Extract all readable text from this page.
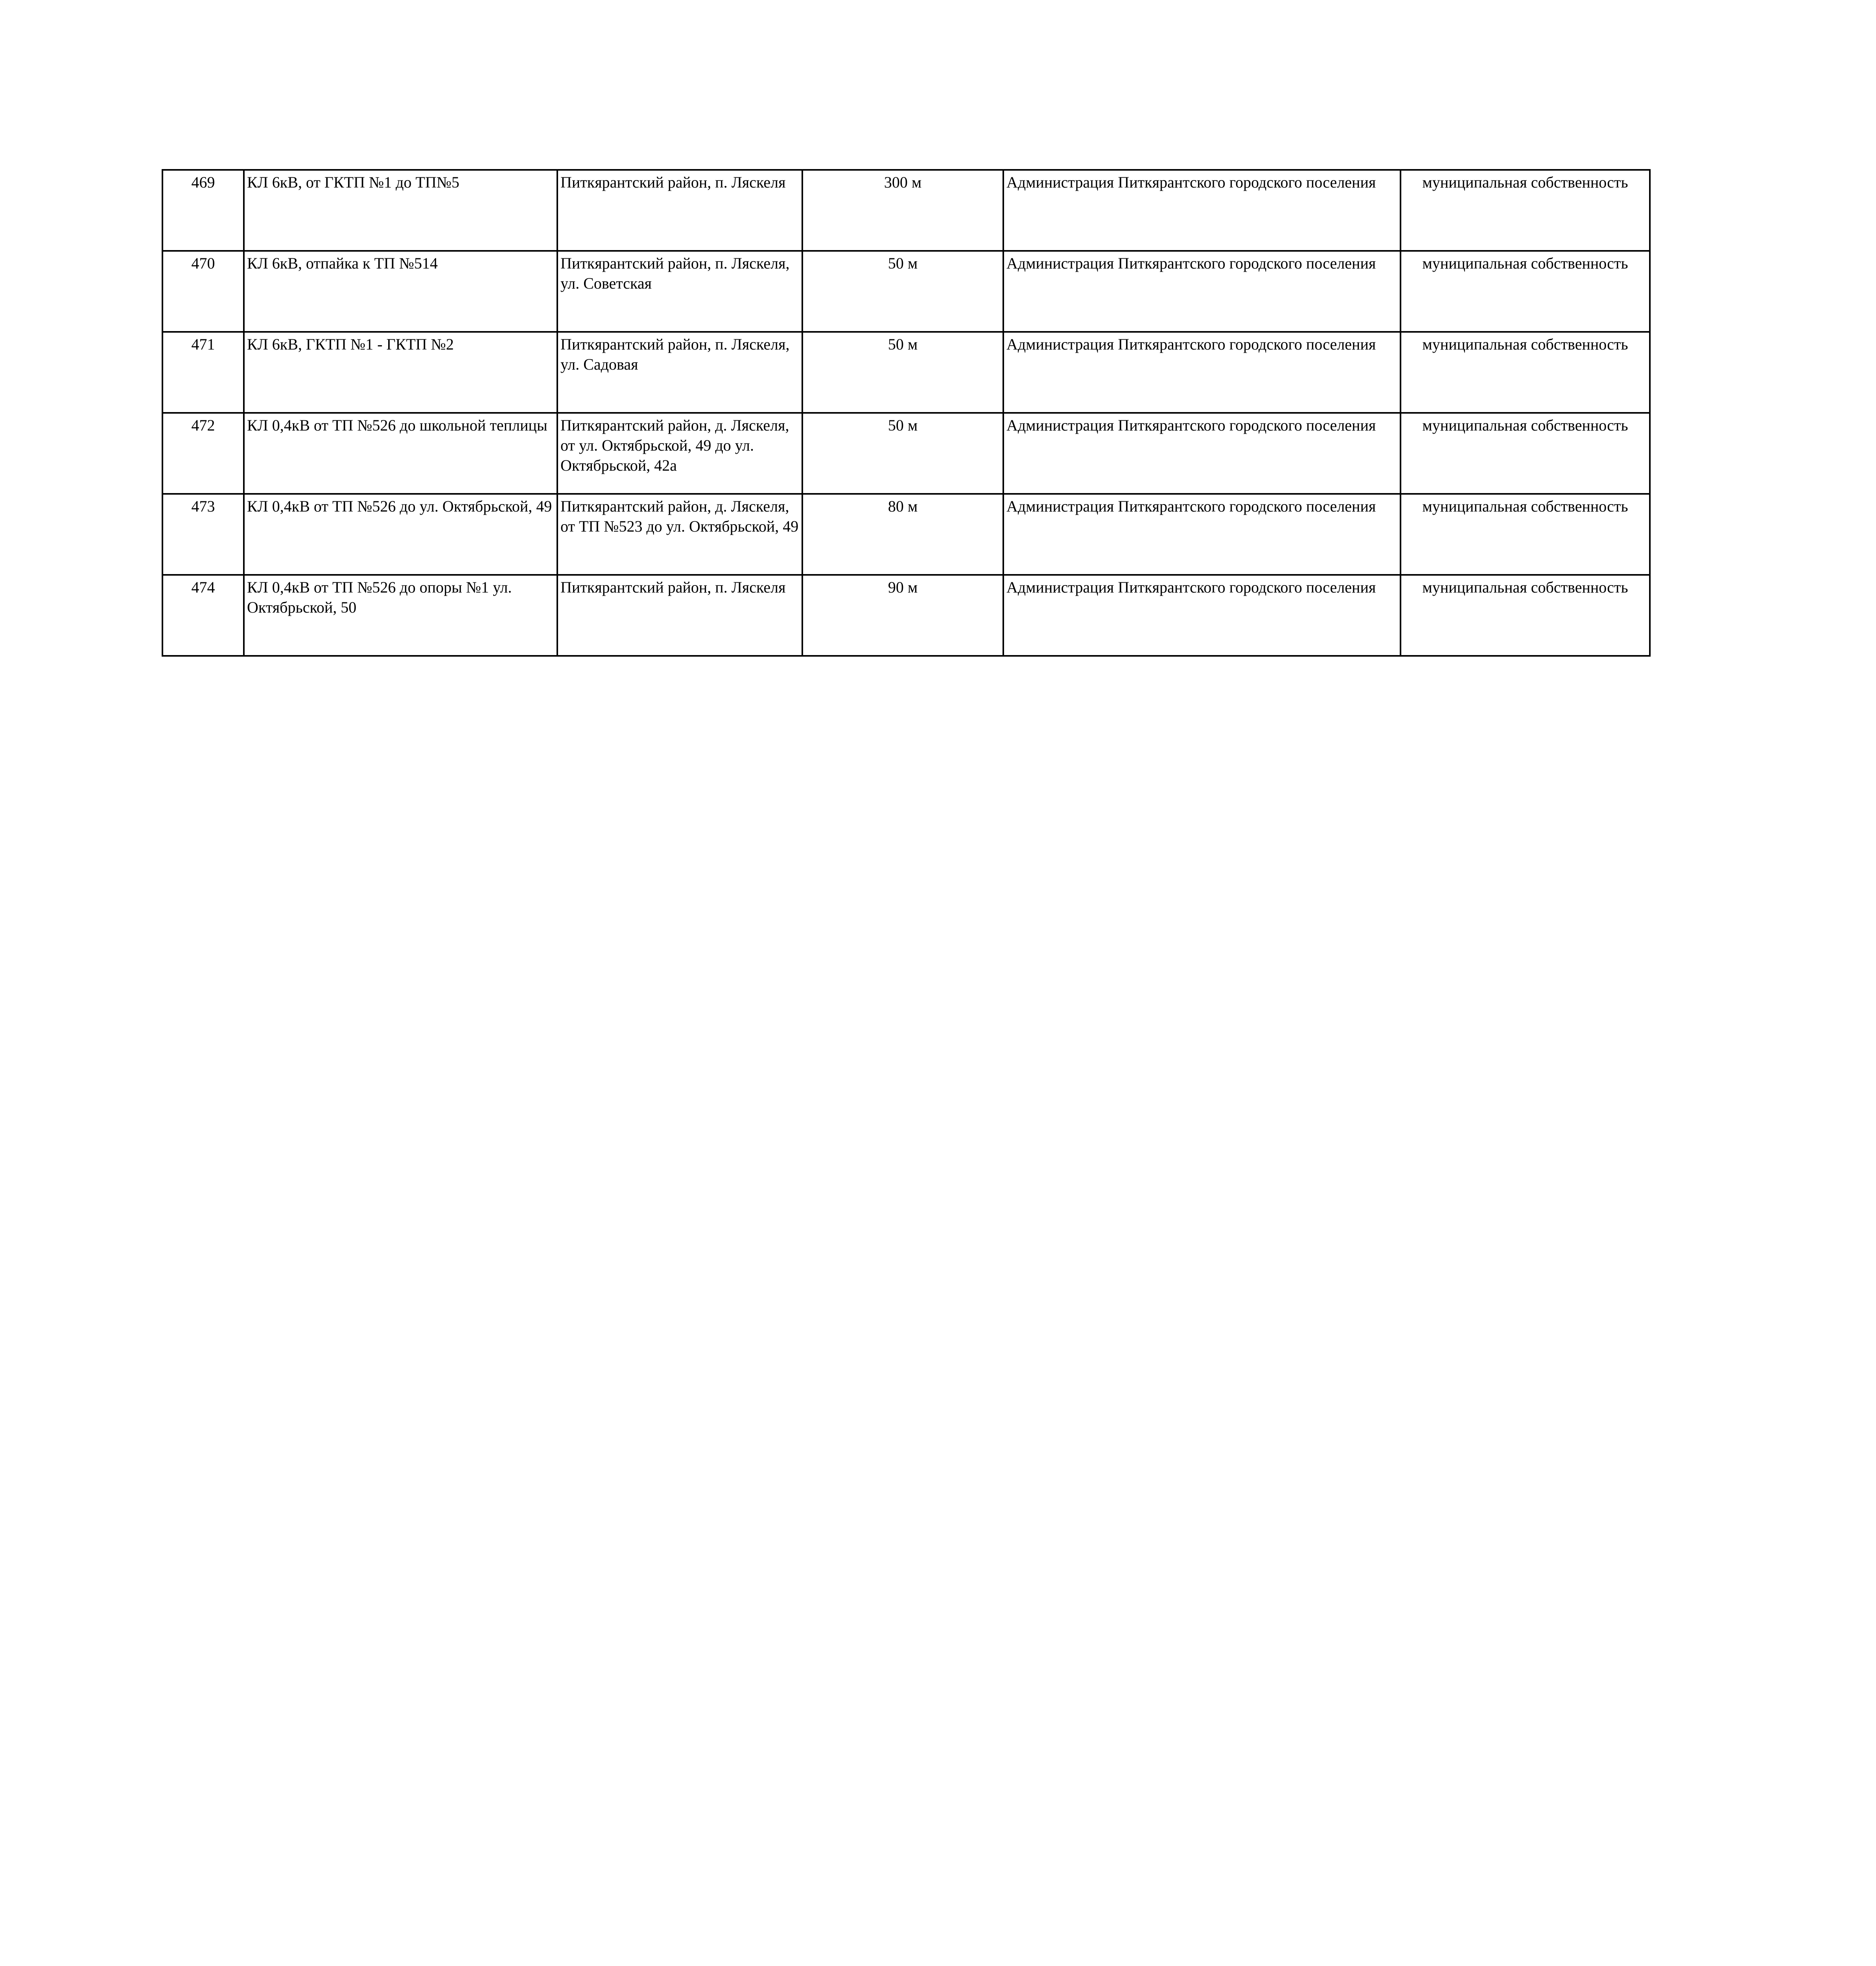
469	КЛ 6кВ, от ГКТП №1 до ТП№5	Питкярантский район, п. Ляскеля	300 м	Администрация Питкярантского городского поселения	муниципальная собственность
470	КЛ 6кВ, отпайка к ТП №514	Питкярантский район, п. Ляскеля, ул. Советская	50 м	Администрация Питкярантского городского поселения	муниципальная собственность
471	КЛ 6кВ, ГКТП №1 - ГКТП №2	Питкярантский район, п. Ляскеля, ул. Садовая	50 м	Администрация Питкярантского городского поселения	муниципальная собственность
472	КЛ 0,4кВ от ТП №526 до школьной теплицы	Питкярантский район, д. Ляскеля, от ул. Октябрьской, 49 до ул. Октябрьской, 42а	50 м	Администрация Питкярантского городского поселения	муниципальная собственность
473	КЛ 0,4кВ от ТП №526 до ул. Октябрьской, 49	Питкярантский район, д. Ляскеля, от ТП №523 до ул. Октябрьской, 49	80 м	Администрация Питкярантского городского поселения	муниципальная собственность
474	КЛ 0,4кВ от ТП №526 до опоры №1 ул. Октябрьской, 50	Питкярантский район, п. Ляскеля	90 м	Администрация Питкярантского городского поселения	муниципальная собственность
